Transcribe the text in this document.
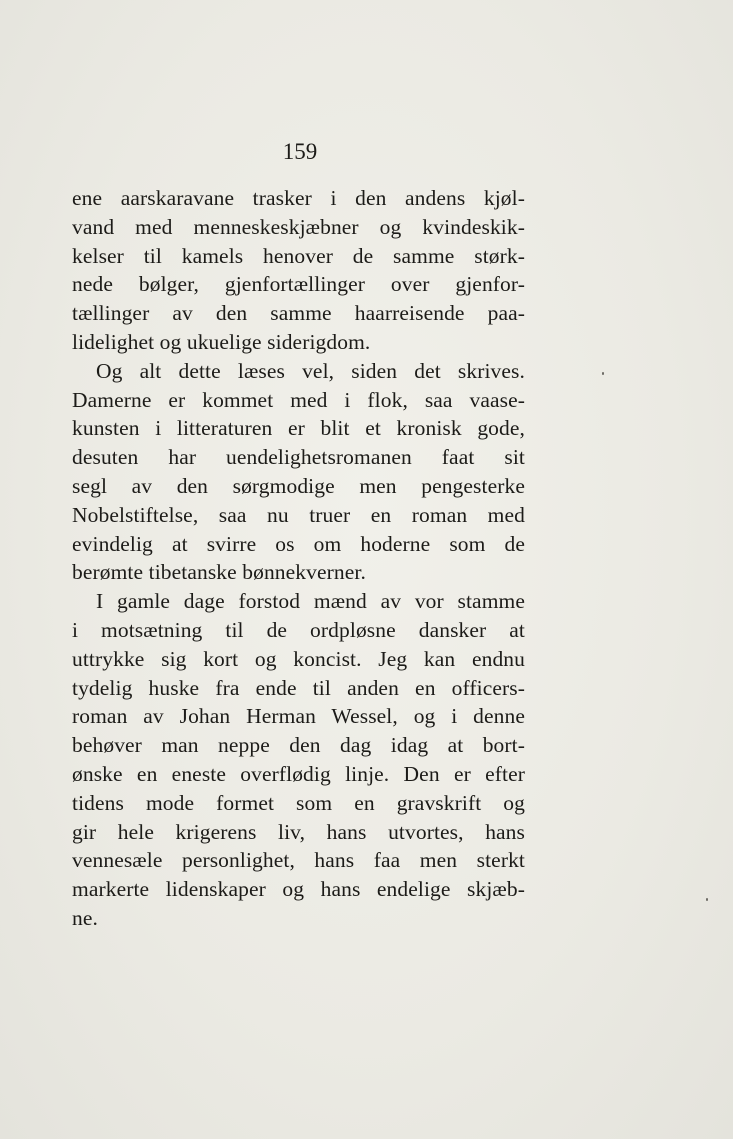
159
ene aarskaravane trasker i den andens kjøl-
vand med menneskeskjæbner og kvindeskik-
kelser til kamels henover de samme størk-
nede bølger, gjenfortællinger over gjenfor-
tællinger av den samme haarreisende paa-
lidelighet og ukuelige siderigdom.
Og alt dette læses vel, siden det skrives.
Damerne er kommet med i flok, saa vaase-
kunsten i litteraturen er blit et kronisk gode,
desuten har uendelighetsromanen faat sit
segl av den sørgmodige men pengesterke
Nobelstiftelse, saa nu truer en roman med
evindelig at svirre os om hoderne som de
berømte tibetanske bønnekverner.
I gamle dage forstod mænd av vor stamme
i motsætning til de ordpløsne dansker at
uttrykke sig kort og koncist. Jeg kan endnu
tydelig huske fra ende til anden en officers-
roman av Johan Herman Wessel, og i denne
behøver man neppe den dag idag at bort-
ønske en eneste overflødig linje. Den er efter
tidens mode formet som en gravskrift og
gir hele krigerens liv, hans utvortes, hans
vennesæle personlighet, hans faa men sterkt
markerte lidenskaper og hans endelige skjæb-
ne.
